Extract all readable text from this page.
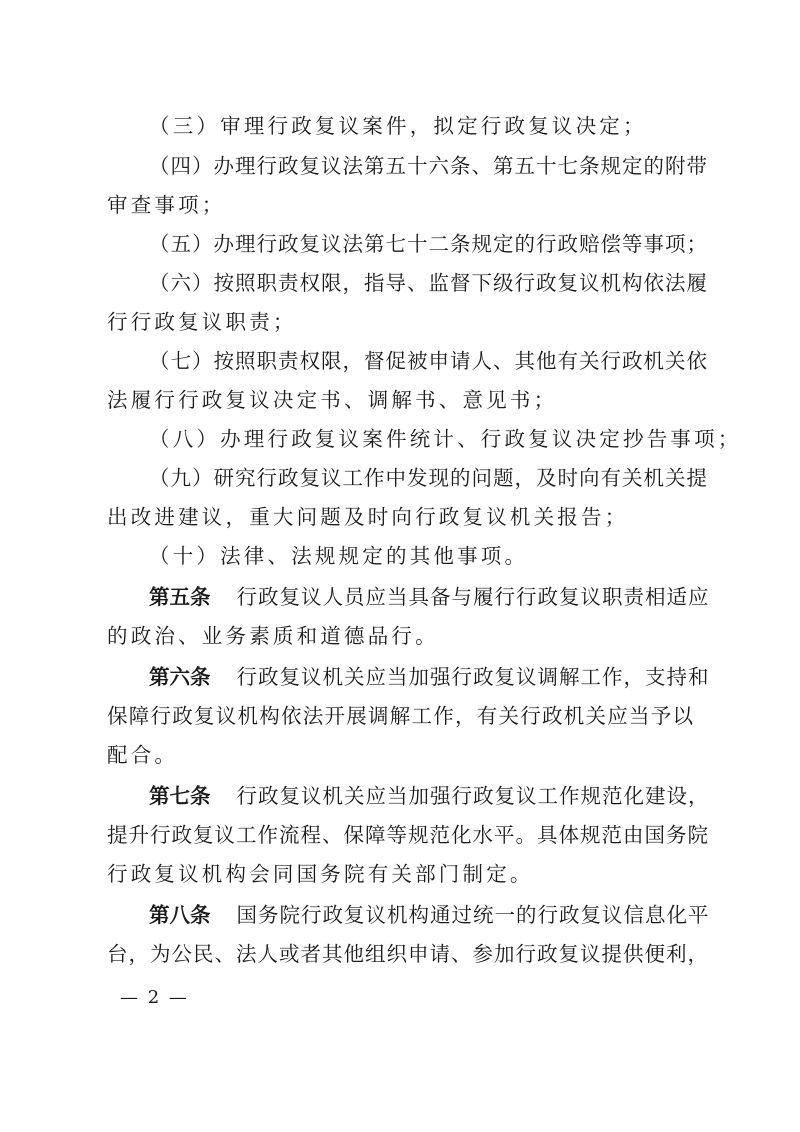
（三）审理行政复议案件，拟定行政复议决定；
（四）办理行政复议法第五十六条、第五十七条规定的附带
审查事项；
（五）办理行政复议法第七十二条规定的行政赔偿等事项；
（六）按照职责权限，指导、监督下级行政复议机构依法履
行行政复议职责；
（七）按照职责权限，督促被申请人、其他有关行政机关依
法履行行政复议决定书、调解书、意见书；
（八）办理行政复议案件统计、行政复议决定抄告事项；
（九）研究行政复议工作中发现的问题，及时向有关机关提
出改进建议，重大问题及时向行政复议机关报告；
（十）法律、法规规定的其他事项。
第五条 行政复议人员应当具备与履行行政复议职责相适应
的政治、业务素质和道德品行。
第六条 行政复议机关应当加强行政复议调解工作，支持和
保障行政复议机构依法开展调解工作，有关行政机关应当予以
配合。
第七条 行政复议机关应当加强行政复议工作规范化建设，
提升行政复议工作流程、保障等规范化水平。具体规范由国务院
行政复议机构会同国务院有关部门制定。
第八条 国务院行政复议机构通过统一的行政复议信息化平
台，为公民、法人或者其他组织申请、参加行政复议提供便利，
— 2 —
